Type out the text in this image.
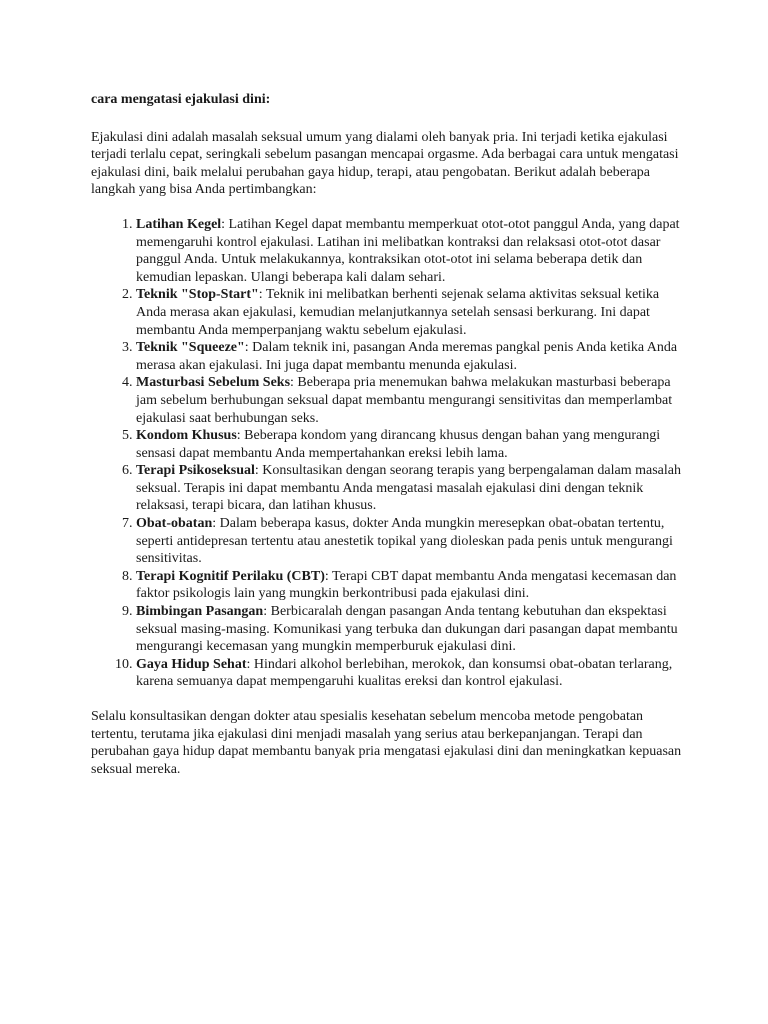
cara mengatasi ejakulasi dini:

Ejakulasi dini adalah masalah seksual umum yang dialami oleh banyak pria. Ini terjadi ketika ejakulasi terjadi terlalu cepat, seringkali sebelum pasangan mencapai orgasme. Ada berbagai cara untuk mengatasi ejakulasi dini, baik melalui perubahan gaya hidup, terapi, atau pengobatan. Berikut adalah beberapa langkah yang bisa Anda pertimbangkan:

1. Latihan Kegel: Latihan Kegel dapat membantu memperkuat otot-otot panggul Anda, yang dapat memengaruhi kontrol ejakulasi. Latihan ini melibatkan kontraksi dan relaksasi otot-otot dasar panggul Anda. Untuk melakukannya, kontraksikan otot-otot ini selama beberapa detik dan kemudian lepaskan. Ulangi beberapa kali dalam sehari.
2. Teknik "Stop-Start": Teknik ini melibatkan berhenti sejenak selama aktivitas seksual ketika Anda merasa akan ejakulasi, kemudian melanjutkannya setelah sensasi berkurang. Ini dapat membantu Anda memperpanjang waktu sebelum ejakulasi.
3. Teknik "Squeeze": Dalam teknik ini, pasangan Anda meremas pangkal penis Anda ketika Anda merasa akan ejakulasi. Ini juga dapat membantu menunda ejakulasi.
4. Masturbasi Sebelum Seks: Beberapa pria menemukan bahwa melakukan masturbasi beberapa jam sebelum berhubungan seksual dapat membantu mengurangi sensitivitas dan memperlambat ejakulasi saat berhubungan seks.
5. Kondom Khusus: Beberapa kondom yang dirancang khusus dengan bahan yang mengurangi sensasi dapat membantu Anda mempertahankan ereksi lebih lama.
6. Terapi Psikoseksual: Konsultasikan dengan seorang terapis yang berpengalaman dalam masalah seksual. Terapis ini dapat membantu Anda mengatasi masalah ejakulasi dini dengan teknik relaksasi, terapi bicara, dan latihan khusus.
7. Obat-obatan: Dalam beberapa kasus, dokter Anda mungkin meresepkan obat-obatan tertentu, seperti antidepresan tertentu atau anestetik topikal yang dioleskan pada penis untuk mengurangi sensitivitas.
8. Terapi Kognitif Perilaku (CBT): Terapi CBT dapat membantu Anda mengatasi kecemasan dan faktor psikologis lain yang mungkin berkontribusi pada ejakulasi dini.
9. Bimbingan Pasangan: Berbicaralah dengan pasangan Anda tentang kebutuhan dan ekspektasi seksual masing-masing. Komunikasi yang terbuka dan dukungan dari pasangan dapat membantu mengurangi kecemasan yang mungkin memperburuk ejakulasi dini.
10. Gaya Hidup Sehat: Hindari alkohol berlebihan, merokok, dan konsumsi obat-obatan terlarang, karena semuanya dapat mempengaruhi kualitas ereksi dan kontrol ejakulasi.

Selalu konsultasikan dengan dokter atau spesialis kesehatan sebelum mencoba metode pengobatan tertentu, terutama jika ejakulasi dini menjadi masalah yang serius atau berkepanjangan. Terapi dan perubahan gaya hidup dapat membantu banyak pria mengatasi ejakulasi dini dan meningkatkan kepuasan seksual mereka.
